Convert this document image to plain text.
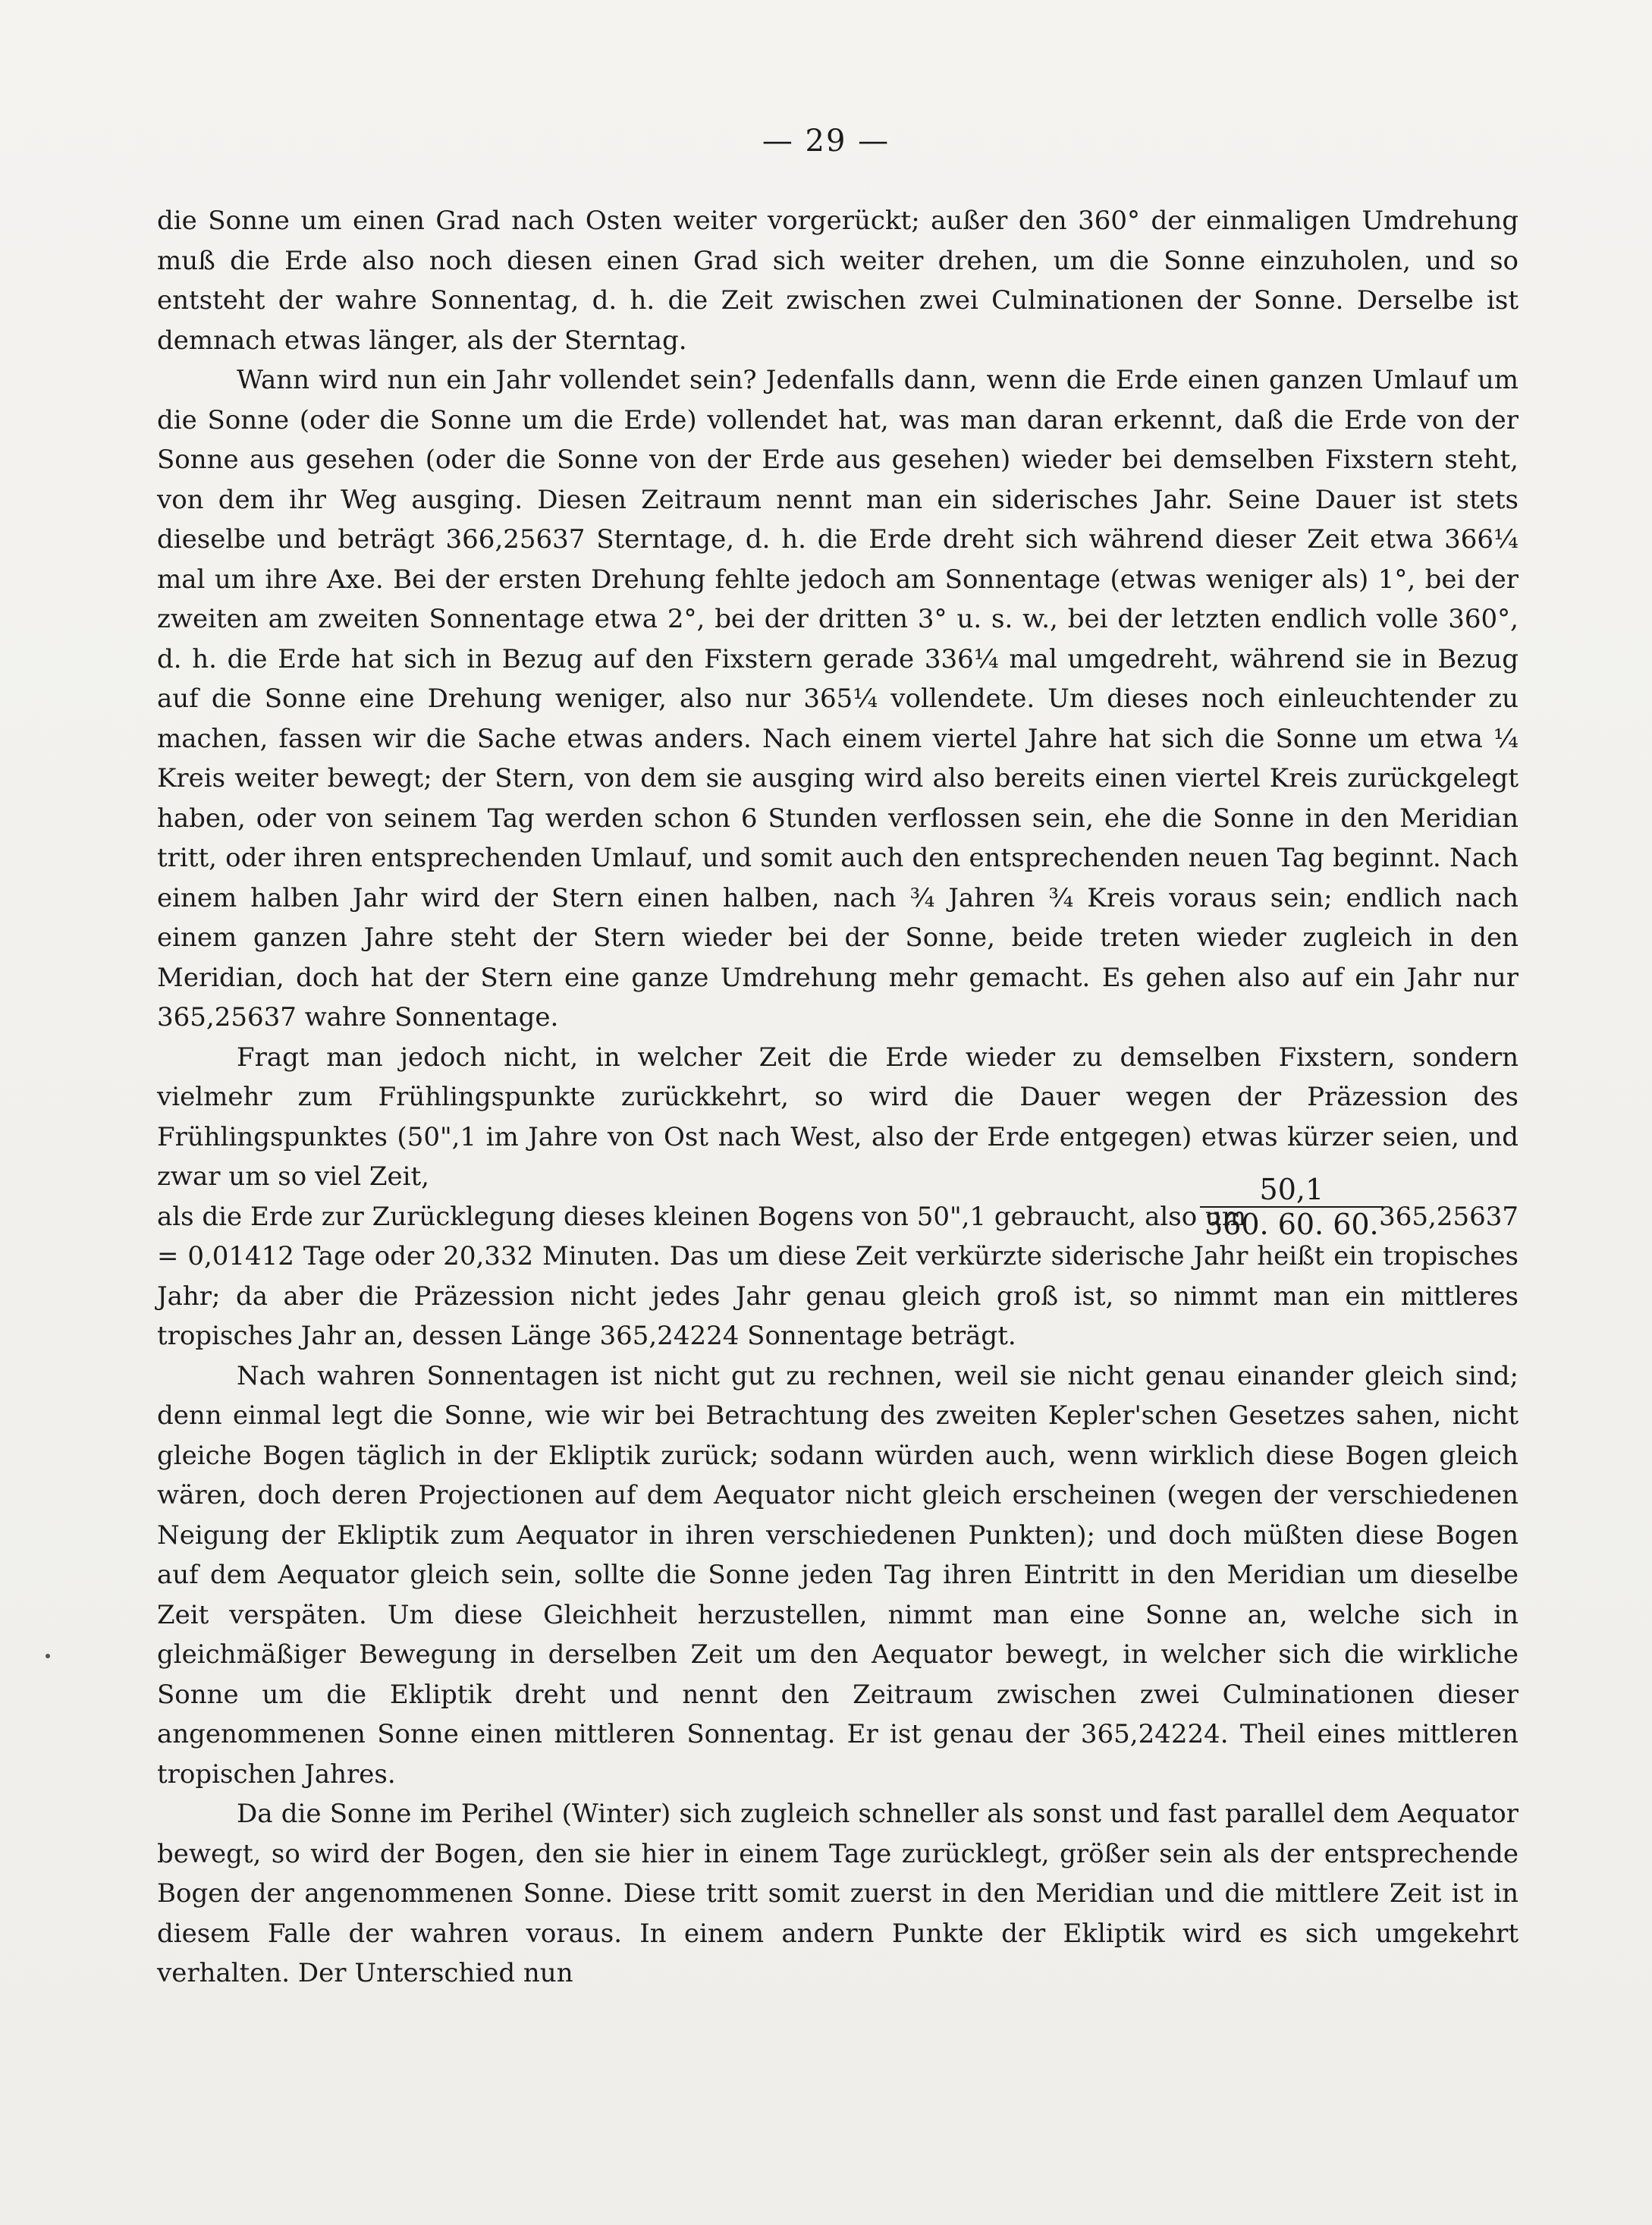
— 29 —

die Sonne um einen Grad nach Osten weiter vorgerückt; außer den 360° der einmaligen Umdrehung muß die Erde also noch diesen einen Grad sich weiter drehen, um die Sonne einzuholen, und so entsteht der wahre Sonnentag, d. h. die Zeit zwischen zwei Culminationen der Sonne. Derselbe ist demnach etwas länger, als der Sterntag.

Wann wird nun ein Jahr vollendet sein? Jedenfalls dann, wenn die Erde einen ganzen Umlauf um die Sonne (oder die Sonne um die Erde) vollendet hat, was man daran erkennt, daß die Erde von der Sonne aus gesehen (oder die Sonne von der Erde aus gesehen) wieder bei demselben Fixstern steht, von dem ihr Weg ausging. Diesen Zeitraum nennt man ein siderisches Jahr. Seine Dauer ist stets dieselbe und beträgt 366,25637 Sterntage, d. h. die Erde dreht sich während dieser Zeit etwa 366¼ mal um ihre Axe. Bei der ersten Drehung fehlte jedoch am Sonnentage (etwas weniger als) 1°, bei der zweiten am zweiten Sonnentage etwa 2°, bei der dritten 3° u. s. w., bei der letzten endlich volle 360°, d. h. die Erde hat sich in Bezug auf den Fixstern gerade 336¼ mal umgedreht, während sie in Bezug auf die Sonne eine Drehung weniger, also nur 365¼ vollendete. Um dieses noch einleuchtender zu machen, fassen wir die Sache etwas anders. Nach einem viertel Jahre hat sich die Sonne um etwa ¼ Kreis weiter bewegt; der Stern, von dem sie ausging wird also bereits einen viertel Kreis zurückgelegt haben, oder von seinem Tag werden schon 6 Stunden verflossen sein, ehe die Sonne in den Meridian tritt, oder ihren entsprechenden Umlauf, und somit auch den entsprechenden neuen Tag beginnt. Nach einem halben Jahr wird der Stern einen halben, nach ¾ Jahren ¾ Kreis voraus sein; endlich nach einem ganzen Jahre steht der Stern wieder bei der Sonne, beide treten wieder zugleich in den Meridian, doch hat der Stern eine ganze Umdrehung mehr gemacht. Es gehen also auf ein Jahr nur 365,25637 wahre Sonnentage.

Fragt man jedoch nicht, in welcher Zeit die Erde wieder zu demselben Fixstern, sondern vielmehr zum Frühlingspunkte zurückkehrt, so wird die Dauer wegen der Präzession des Frühlingspunktes (50",1 im Jahre von Ost nach West, also der Erde entgegen) etwas kürzer seien, und zwar um so viel Zeit,

als die Erde zur Zurücklegung dieses kleinen Bogens von 50",1 gebraucht, also um
$\frac{50,1}{360. 60. 60.}$
365,25637

= 0,01412 Tage oder 20,332 Minuten. Das um diese Zeit verkürzte siderische Jahr heißt ein tropisches Jahr; da aber die Präzession nicht jedes Jahr genau gleich groß ist, so nimmt man ein mittleres tropisches Jahr an, dessen Länge 365,24224 Sonnentage beträgt.

Nach wahren Sonnentagen ist nicht gut zu rechnen, weil sie nicht genau einander gleich sind; denn einmal legt die Sonne, wie wir bei Betrachtung des zweiten Kepler'schen Gesetzes sahen, nicht gleiche Bogen täglich in der Ekliptik zurück; sodann würden auch, wenn wirklich diese Bogen gleich wären, doch deren Projectionen auf dem Aequator nicht gleich erscheinen (wegen der verschiedenen Neigung der Ekliptik zum Aequator in ihren verschiedenen Punkten); und doch müßten diese Bogen auf dem Aequator gleich sein, sollte die Sonne jeden Tag ihren Eintritt in den Meridian um dieselbe Zeit verspäten. Um diese Gleichheit herzustellen, nimmt man eine Sonne an, welche sich in gleichmäßiger Bewegung in derselben Zeit um den Aequator bewegt, in welcher sich die wirkliche Sonne um die Ekliptik dreht und nennt den Zeitraum zwischen zwei Culminationen dieser angenommenen Sonne einen mittleren Sonnentag. Er ist genau der 365,24224. Theil eines mittleren tropischen Jahres.

Da die Sonne im Perihel (Winter) sich zugleich schneller als sonst und fast parallel dem Aequator bewegt, so wird der Bogen, den sie hier in einem Tage zurücklegt, größer sein als der entsprechende Bogen der angenommenen Sonne. Diese tritt somit zuerst in den Meridian und die mittlere Zeit ist in diesem Falle der wahren voraus. In einem andern Punkte der Ekliptik wird es sich umgekehrt verhalten. Der Unterschied nun
